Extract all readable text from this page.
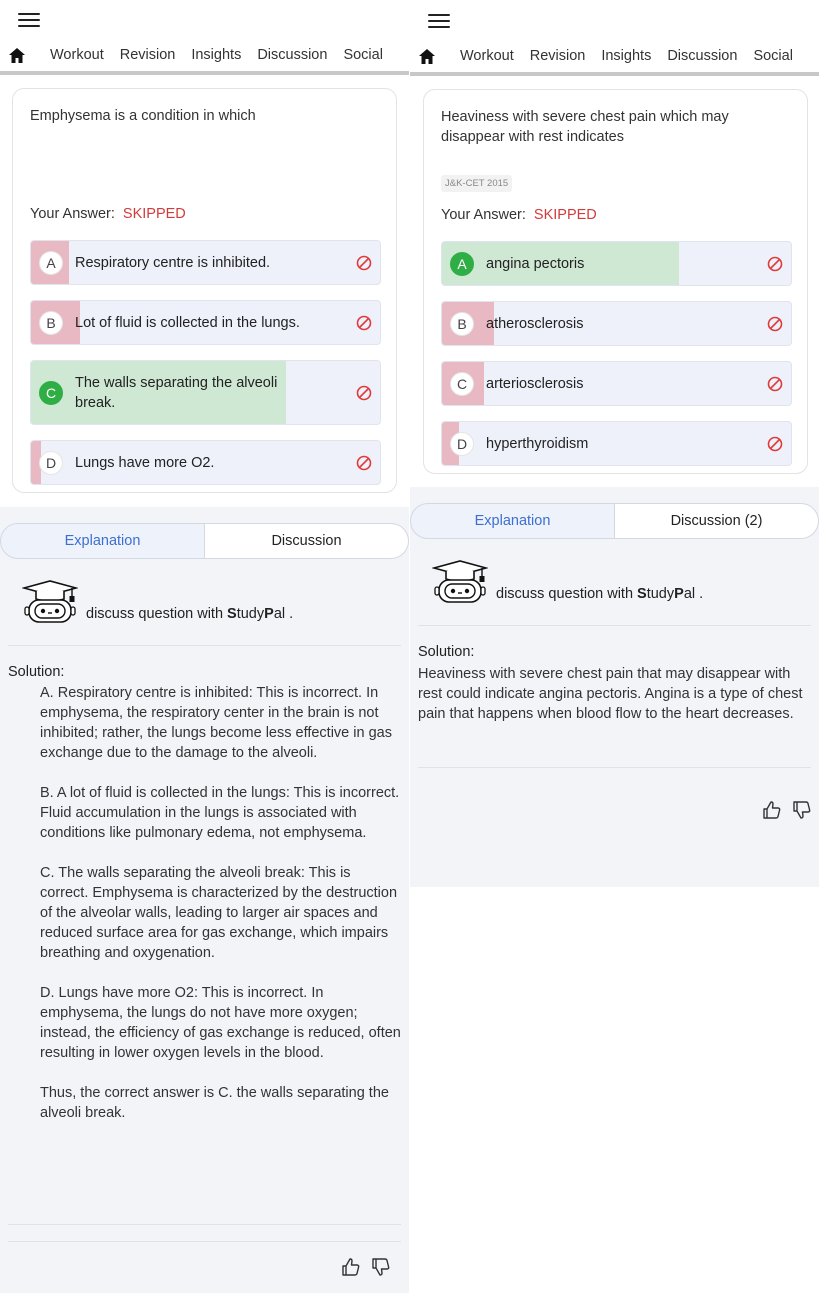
Workout Revision Insights Discussion Social
Emphysema is a condition in which
Your Answer: SKIPPED
A	Respiratory centre is inhibited.
B	Lot of fluid is collected in the lungs.
C
The walls separating the alveoli break.
D	Lungs have more O2.
Explanation	Discussion
discuss question with StudyPal .
Solution:

A. Respiratory centre is inhibited: This is incorrect. In emphysema, the respiratory center in the brain is not inhibited; rather, the lungs become less effective in gas exchange due to the damage to the alveoli.

B. A lot of fluid is collected in the lungs: This is incorrect. Fluid accumulation in the lungs is associated with conditions like pulmonary edema, not emphysema.

C. The walls separating the alveoli break: This is correct. Emphysema is characterized by the destruction of the alveolar walls, leading to larger air spaces and reduced surface area for gas exchange, which impairs breathing and oxygenation.

D. Lungs have more O2: This is incorrect. In emphysema, the lungs do not have more oxygen; instead, the efficiency of gas exchange is reduced, often resulting in lower oxygen levels in the blood.

Thus, the correct answer is C. the walls separating the alveoli break.

Workout Revision Insights Discussion Social
Heaviness with severe chest pain which may disappear with rest indicates
J&K-CET 2015
Your Answer: SKIPPED
A	angina pectoris
B	atherosclerosis
C	arteriosclerosis
D	hyperthyroidism
Explanation	Discussion (2)
discuss question with StudyPal .
Solution:

Heaviness with severe chest pain that may disappear with rest could indicate angina pectoris. Angina is a type of chest pain that happens when blood flow to the heart decreases.
